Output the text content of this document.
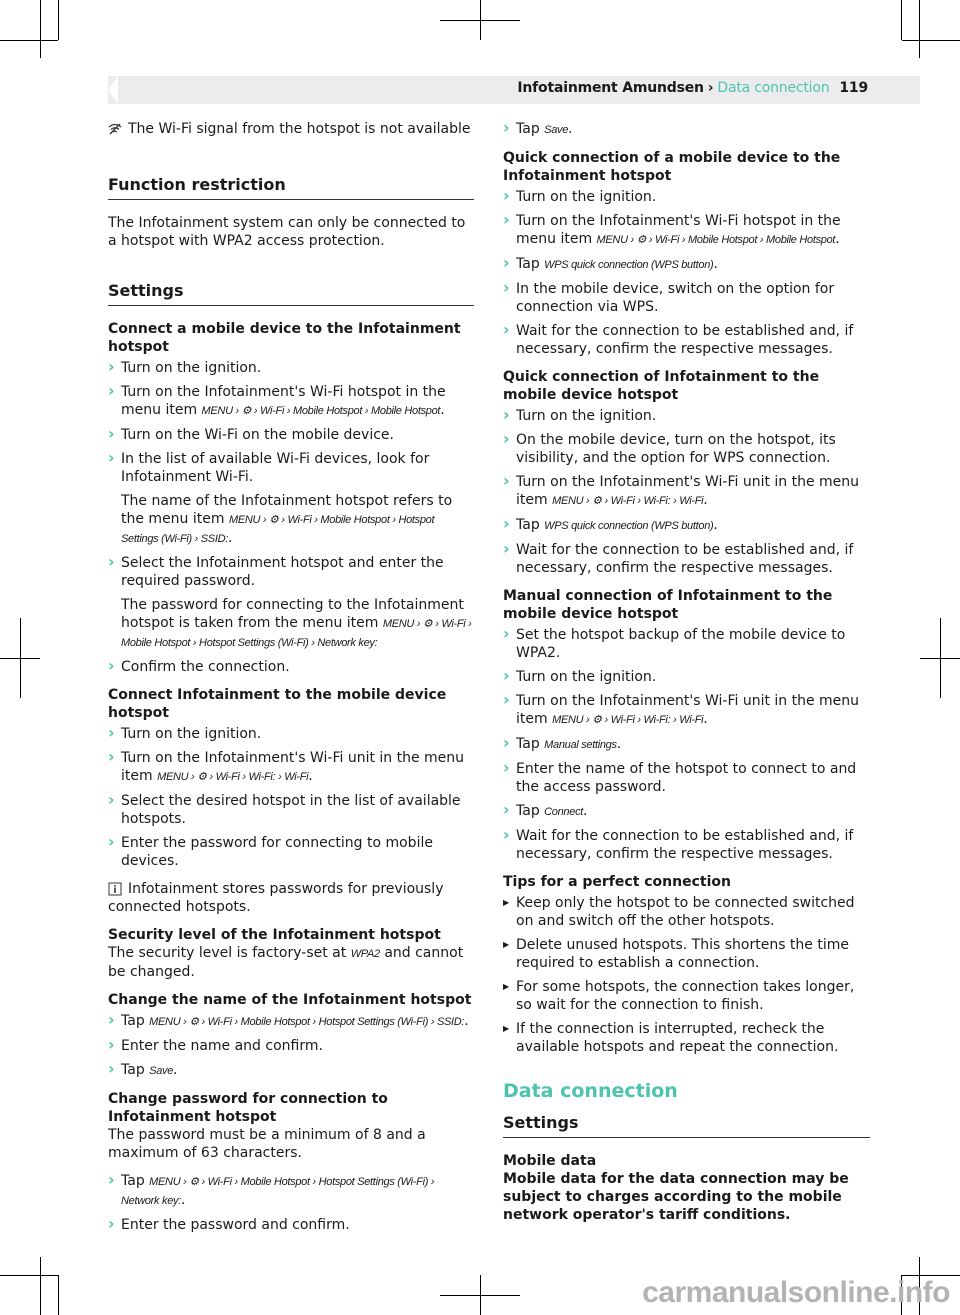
Infotainment Amundsen › Data connection 119

The Wi-Fi signal from the hotspot is not available

Function restriction

The Infotainment system can only be connected to a hotspot with WPA2 access protection.

Settings

Connect a mobile device to the Infotainment hotspot

› Turn on the ignition.
› Turn on the Infotainment's Wi-Fi hotspot in the menu item MENU › ⚙ › Wi-Fi › Mobile Hotspot › Mobile Hotspot.
› Turn on the Wi-Fi on the mobile device.
› In the list of available Wi-Fi devices, look for Infotainment Wi-Fi.
The name of the Infotainment hotspot refers to the menu item MENU › ⚙ › Wi-Fi › Mobile Hotspot › Hotspot Settings (Wi-Fi) › SSID:.
› Select the Infotainment hotspot and enter the required password.
The password for connecting to the Infotainment hotspot is taken from the menu item MENU › ⚙ › Wi-Fi › Mobile Hotspot › Hotspot Settings (Wi-Fi) › Network key:
› Confirm the connection.

Connect Infotainment to the mobile device hotspot

› Turn on the ignition.
› Turn on the Infotainment's Wi-Fi unit in the menu item MENU › ⚙ › Wi-Fi › Wi-Fi: › Wi-Fi.
› Select the desired hotspot in the list of available hotspots.
› Enter the password for connecting to mobile devices.

Infotainment stores passwords for previously connected hotspots.

Security level of the Infotainment hotspot

The security level is factory-set at WPA2 and cannot be changed.

Change the name of the Infotainment hotspot

› Tap MENU › ⚙ › Wi-Fi › Mobile Hotspot › Hotspot Settings (Wi-Fi) › SSID:.
› Enter the name and confirm.
› Tap Save.

Change password for connection to Infotainment hotspot

The password must be a minimum of 8 and a maximum of 63 characters.

› Tap MENU › ⚙ › Wi-Fi › Mobile Hotspot › Hotspot Settings (Wi-Fi) › Network key:.
› Enter the password and confirm.
› Tap Save.

Quick connection of a mobile device to the Infotainment hotspot

› Turn on the ignition.
› Turn on the Infotainment's Wi-Fi hotspot in the menu item MENU › ⚙ › Wi-Fi › Mobile Hotspot › Mobile Hotspot.
› Tap WPS quick connection (WPS button).
› In the mobile device, switch on the option for connection via WPS.
› Wait for the connection to be established and, if necessary, confirm the respective messages.

Quick connection of Infotainment to the mobile device hotspot

› Turn on the ignition.
› On the mobile device, turn on the hotspot, its visibility, and the option for WPS connection.
› Turn on the Infotainment's Wi-Fi unit in the menu item MENU › ⚙ › Wi-Fi › Wi-Fi: › Wi-Fi.
› Tap WPS quick connection (WPS button).
› Wait for the connection to be established and, if necessary, confirm the respective messages.

Manual connection of Infotainment to the mobile device hotspot

› Set the hotspot backup of the mobile device to WPA2.
› Turn on the ignition.
› Turn on the Infotainment's Wi-Fi unit in the menu item MENU › ⚙ › Wi-Fi › Wi-Fi: › Wi-Fi.
› Tap Manual settings.
› Enter the name of the hotspot to connect to and the access password.
› Tap Connect.
› Wait for the connection to be established and, if necessary, confirm the respective messages.

Tips for a perfect connection

▶ Keep only the hotspot to be connected switched on and switch off the other hotspots.
▶ Delete unused hotspots. This shortens the time required to establish a connection.
▶ For some hotspots, the connection takes longer, so wait for the connection to finish.
▶ If the connection is interrupted, recheck the available hotspots and repeat the connection.
Data connection
Settings

Mobile data

Mobile data for the data connection may be subject to charges according to the mobile network operator's tariff conditions.

carmanualsonline.info
